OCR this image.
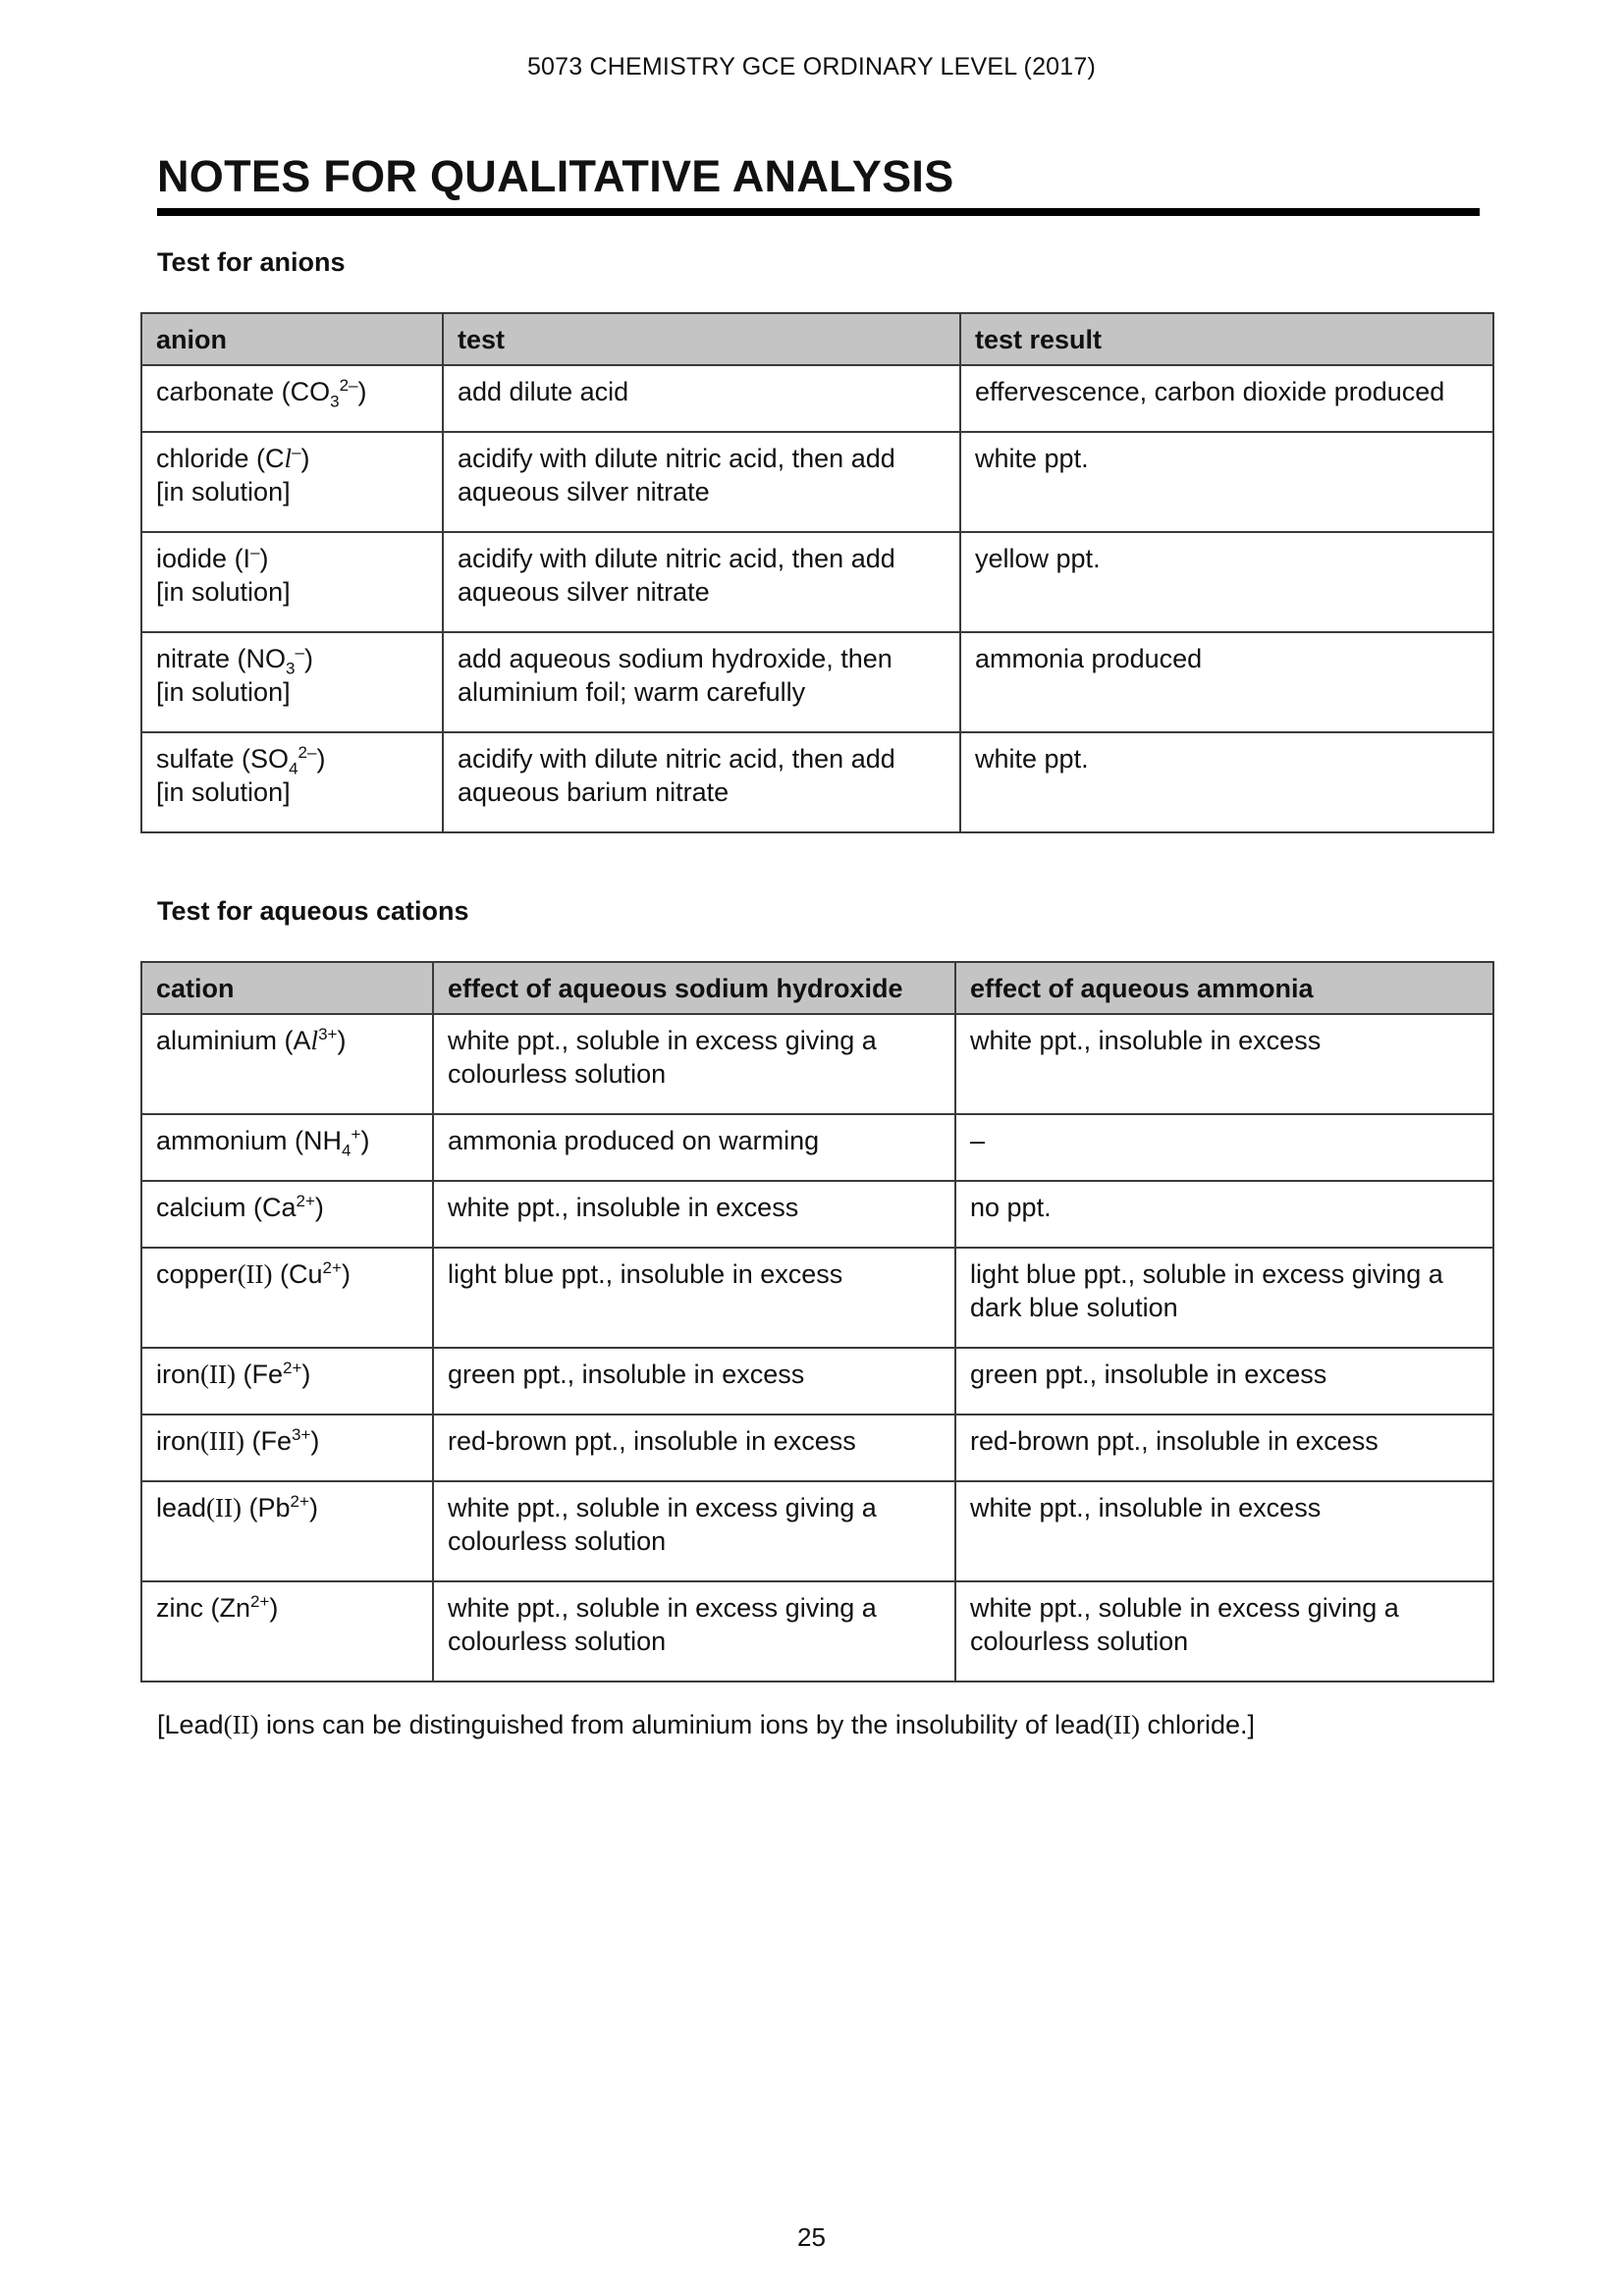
5073 CHEMISTRY GCE ORDINARY LEVEL (2017)
NOTES FOR QUALITATIVE ANALYSIS
Test for anions
anion	test	test result

carbonate $(CO_3^{2-})$	add dilute acid	effervescence, carbon dioxide produced

chloride (Cl–)
[in solution]	acidify with dilute nitric acid, then add
aqueous silver nitrate	white ppt.

iodide (I–)
[in solution]	acidify with dilute nitric acid, then add
aqueous silver nitrate	yellow ppt.

nitrate $(NO_3^-)$
[in solution]	add aqueous sodium hydroxide, then
aluminium foil; warm carefully	ammonia produced

sulfate $(SO_4^{2-})$
[in solution]	acidify with dilute nitric acid, then add
aqueous barium nitrate	white ppt.
Test for aqueous cations
cation	effect of aqueous sodium hydroxide	effect of aqueous ammonia

aluminium $(Al^{3+})$	white ppt., soluble in excess giving a
colourless solution	white ppt., insoluble in excess

ammonium $(NH_4^+)$	ammonia produced on warming	–

calcium $(Ca^{2+})$	white ppt., insoluble in excess	no ppt.

copper(II) $(Cu^{2+})$	light blue ppt., insoluble in excess	light blue ppt., soluble in excess giving a
dark blue solution

iron(II) $(Fe^{2+})$	green ppt., insoluble in excess	green ppt., insoluble in excess

iron(III) $(Fe^{3+})$	red-brown ppt., insoluble in excess	red-brown ppt., insoluble in excess

lead(II) $(Pb^{2+})$	white ppt., soluble in excess giving a
colourless solution	white ppt., insoluble in excess

zinc $(Zn^{2+})$	white ppt., soluble in excess giving a
colourless solution	white ppt., soluble in excess giving a
colourless solution
[Lead(II) ions can be distinguished from aluminium ions by the insolubility of lead(II) chloride.]
25
